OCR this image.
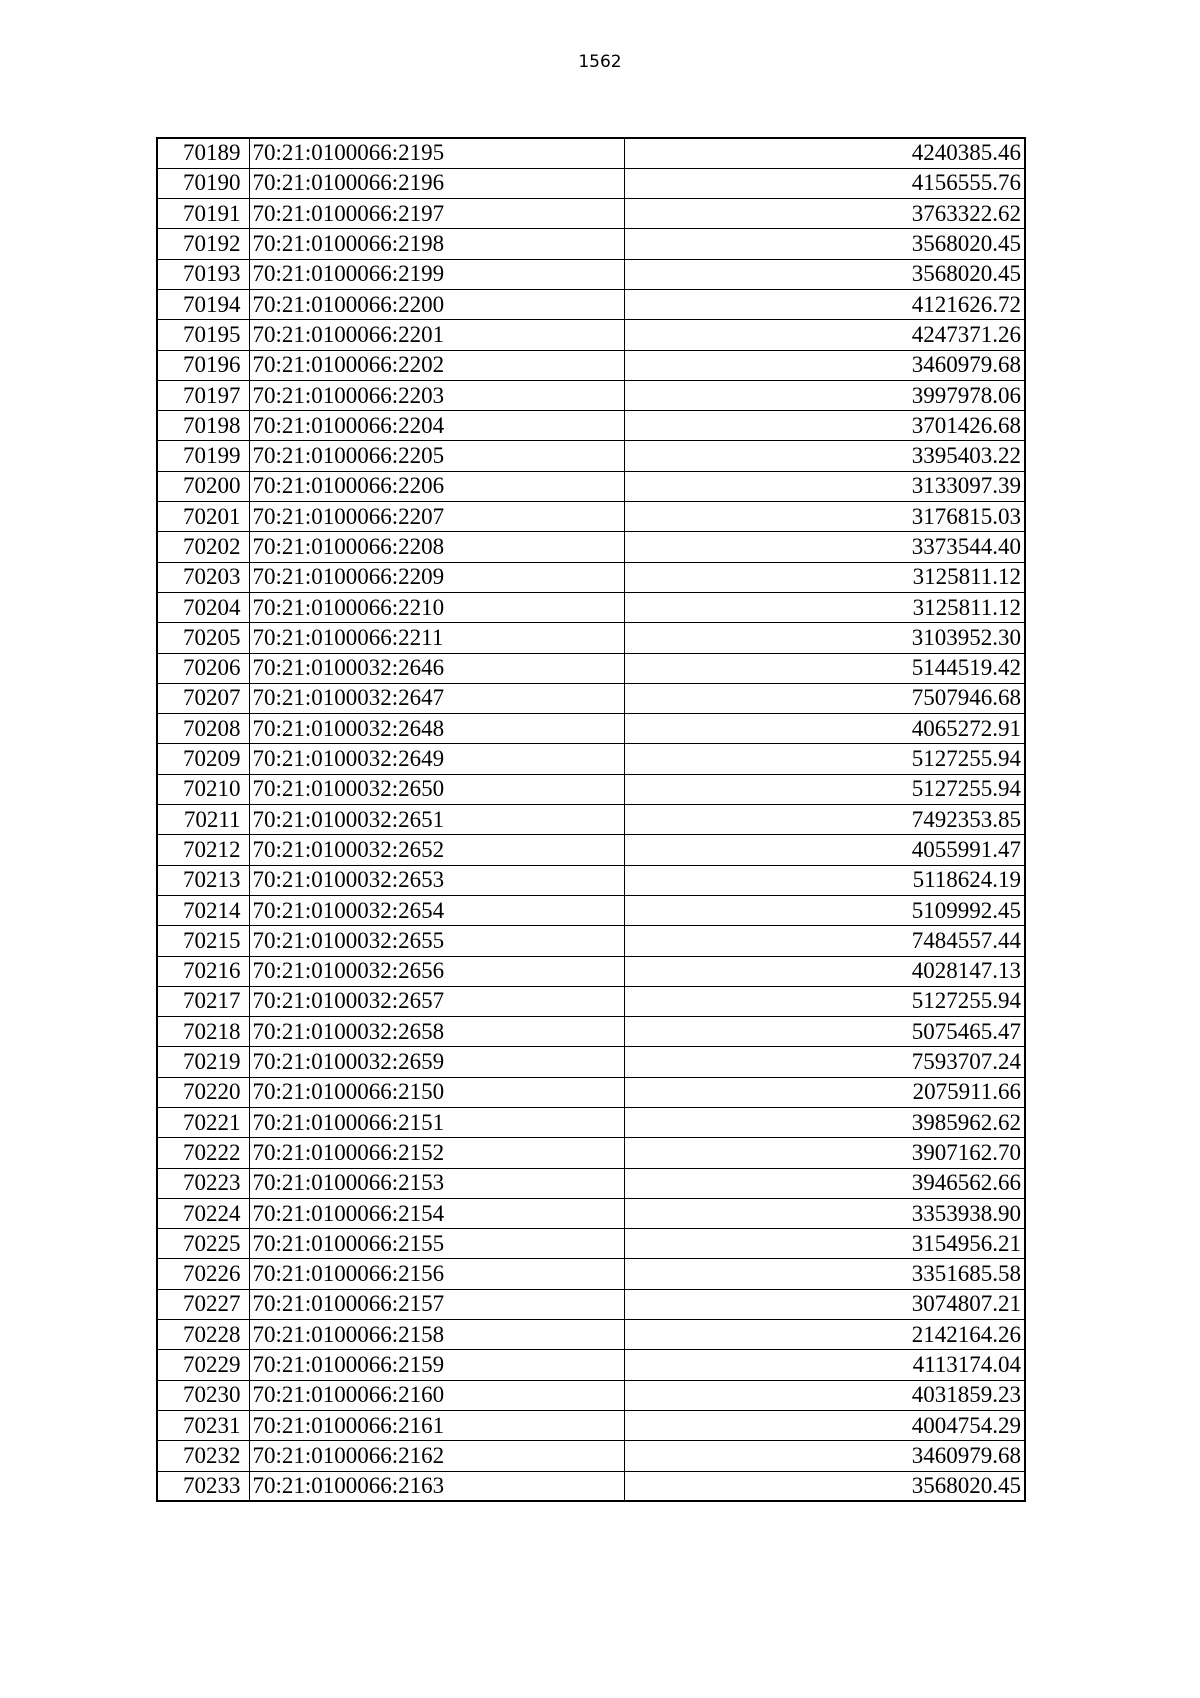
1562
70189	70:21:0100066:2195	4240385.46
70190	70:21:0100066:2196	4156555.76
70191	70:21:0100066:2197	3763322.62
70192	70:21:0100066:2198	3568020.45
70193	70:21:0100066:2199	3568020.45
70194	70:21:0100066:2200	4121626.72
70195	70:21:0100066:2201	4247371.26
70196	70:21:0100066:2202	3460979.68
70197	70:21:0100066:2203	3997978.06
70198	70:21:0100066:2204	3701426.68
70199	70:21:0100066:2205	3395403.22
70200	70:21:0100066:2206	3133097.39
70201	70:21:0100066:2207	3176815.03
70202	70:21:0100066:2208	3373544.40
70203	70:21:0100066:2209	3125811.12
70204	70:21:0100066:2210	3125811.12
70205	70:21:0100066:2211	3103952.30
70206	70:21:0100032:2646	5144519.42
70207	70:21:0100032:2647	7507946.68
70208	70:21:0100032:2648	4065272.91
70209	70:21:0100032:2649	5127255.94
70210	70:21:0100032:2650	5127255.94
70211	70:21:0100032:2651	7492353.85
70212	70:21:0100032:2652	4055991.47
70213	70:21:0100032:2653	5118624.19
70214	70:21:0100032:2654	5109992.45
70215	70:21:0100032:2655	7484557.44
70216	70:21:0100032:2656	4028147.13
70217	70:21:0100032:2657	5127255.94
70218	70:21:0100032:2658	5075465.47
70219	70:21:0100032:2659	7593707.24
70220	70:21:0100066:2150	2075911.66
70221	70:21:0100066:2151	3985962.62
70222	70:21:0100066:2152	3907162.70
70223	70:21:0100066:2153	3946562.66
70224	70:21:0100066:2154	3353938.90
70225	70:21:0100066:2155	3154956.21
70226	70:21:0100066:2156	3351685.58
70227	70:21:0100066:2157	3074807.21
70228	70:21:0100066:2158	2142164.26
70229	70:21:0100066:2159	4113174.04
70230	70:21:0100066:2160	4031859.23
70231	70:21:0100066:2161	4004754.29
70232	70:21:0100066:2162	3460979.68
70233	70:21:0100066:2163	3568020.45
